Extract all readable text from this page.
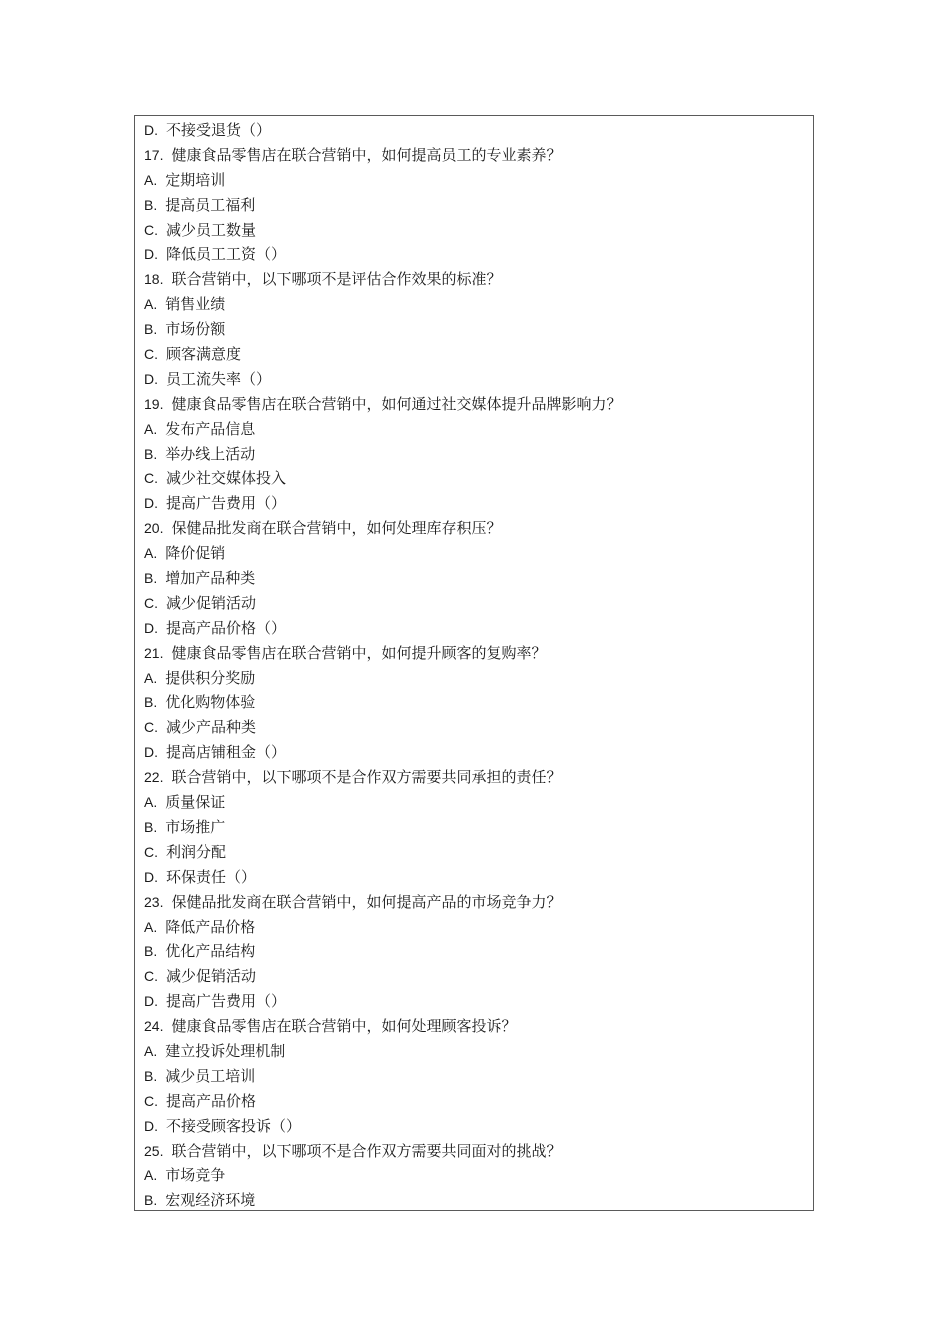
D. 不接受退货（）
17. 健康食品零售店在联合营销中，如何提高员工的专业素养？
A. 定期培训
B. 提高员工福利
C. 减少员工数量
D. 降低员工工资（）
18. 联合营销中，以下哪项不是评估合作效果的标准？
A. 销售业绩
B. 市场份额
C. 顾客满意度
D. 员工流失率（）
19. 健康食品零售店在联合营销中，如何通过社交媒体提升品牌影响力？
A. 发布产品信息
B. 举办线上活动
C. 减少社交媒体投入
D. 提高广告费用（）
20. 保健品批发商在联合营销中，如何处理库存积压？
A. 降价促销
B. 增加产品种类
C. 减少促销活动
D. 提高产品价格（）
21. 健康食品零售店在联合营销中，如何提升顾客的复购率？
A. 提供积分奖励
B. 优化购物体验
C. 减少产品种类
D. 提高店铺租金（）
22. 联合营销中，以下哪项不是合作双方需要共同承担的责任？
A. 质量保证
B. 市场推广
C. 利润分配
D. 环保责任（）
23. 保健品批发商在联合营销中，如何提高产品的市场竞争力？
A. 降低产品价格
B. 优化产品结构
C. 减少促销活动
D. 提高广告费用（）
24. 健康食品零售店在联合营销中，如何处理顾客投诉？
A. 建立投诉处理机制
B. 减少员工培训
C. 提高产品价格
D. 不接受顾客投诉（）
25. 联合营销中，以下哪项不是合作双方需要共同面对的挑战？
A. 市场竞争
B. 宏观经济环境
